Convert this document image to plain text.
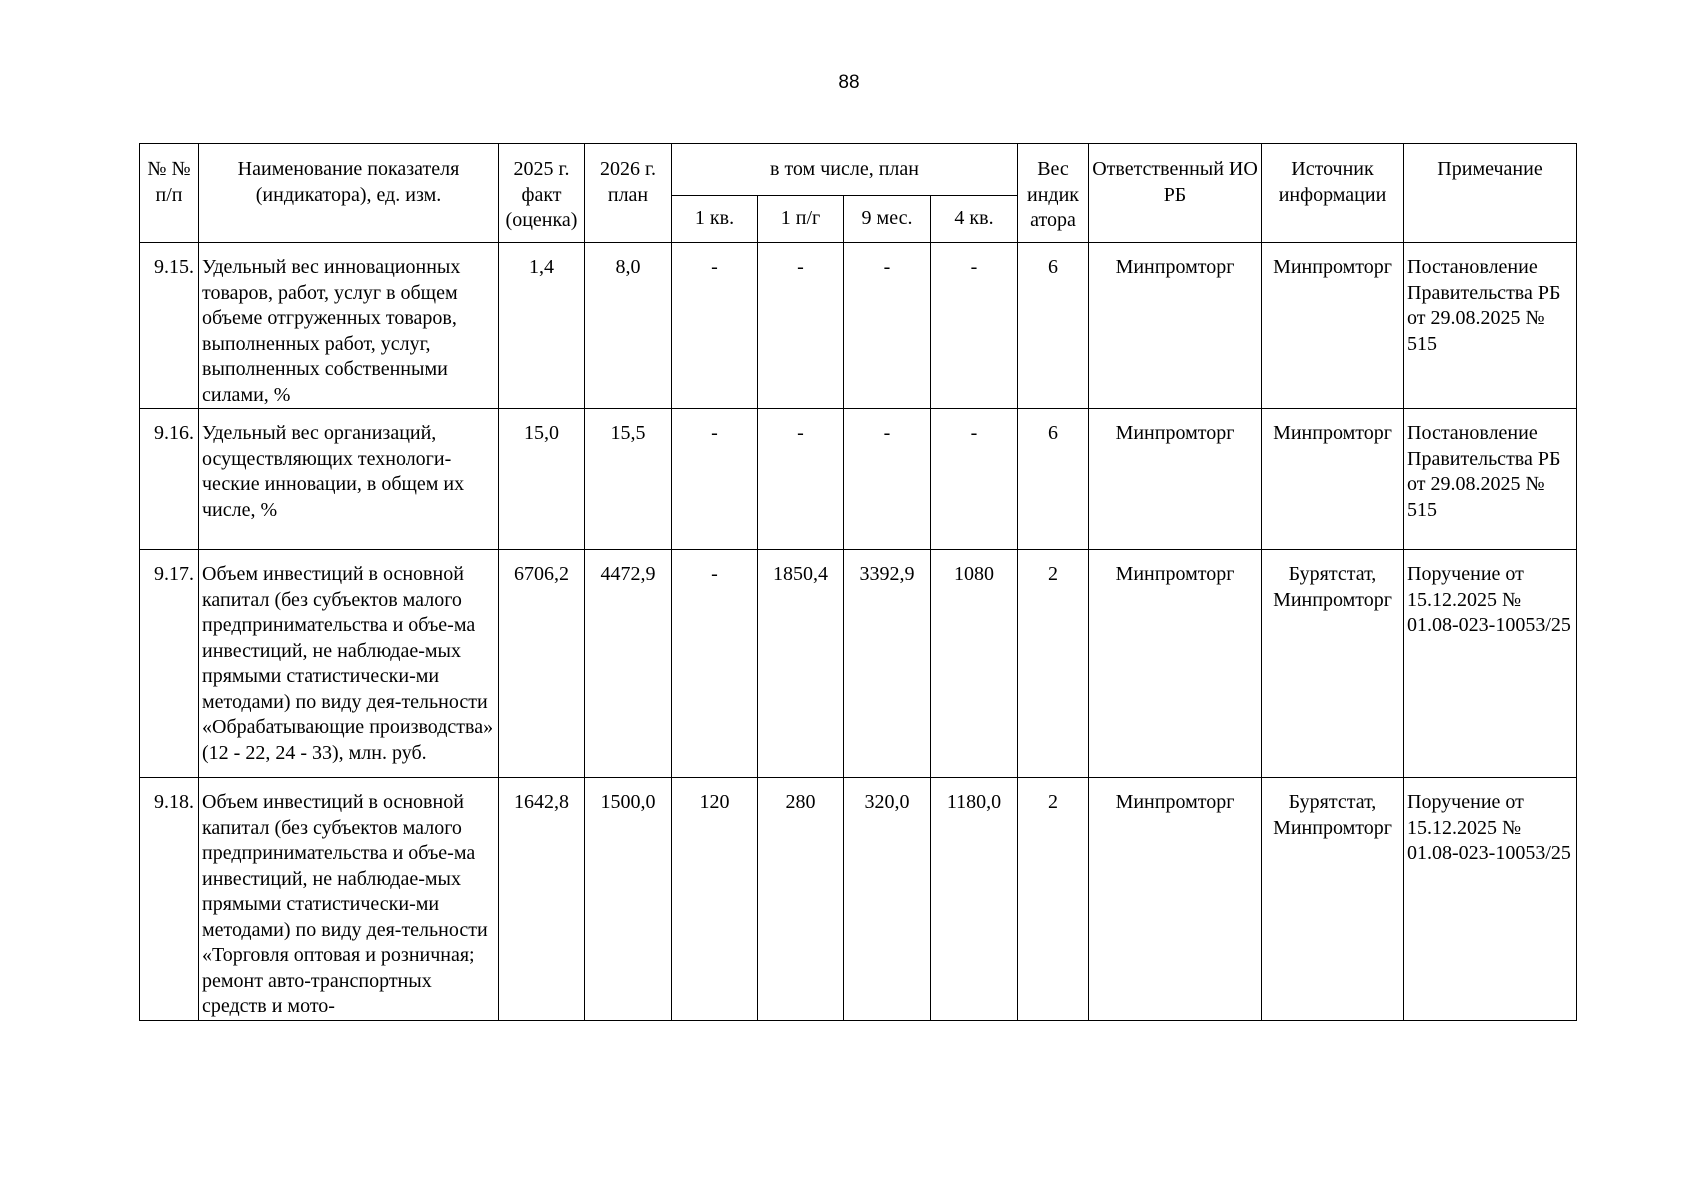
88
№ № п/п	Наименование показателя (индикатора), ед. изм.	2025 г. факт (оценка)	2026 г. план	в том числе, план				Вес индик атора	Ответственный ИО РБ	Источник информации	Примечание
				1 кв.	1 п/г	9 мес.	4 кв.				
9.15.	Удельный вес инновационных товаров, работ, услуг в общем объеме отгруженных товаров, выполненных работ, услуг, выполненных собственными силами, %	1,4	8,0	-	-	-	-	6	Минпромторг	Минпромторг	Постановление Правительства РБ от 29.08.2025 № 515
9.16.	Удельный вес организаций, осуществляющих технологи-ческие инновации, в общем их числе, %	15,0	15,5	-	-	-	-	6	Минпромторг	Минпромторг	Постановление Правительства РБ от 29.08.2025 № 515
9.17.	Объем инвестиций в основной капитал (без субъектов малого предпринимательства и объе-ма инвестиций, не наблюдае-мых прямыми статистически-ми методами) по виду дея-тельности «Обрабатывающие производства» (12 - 22, 24 - 33), млн. руб.	6706,2	4472,9	-	1850,4	3392,9	1080	2	Минпромторг	Бурятстат, Минпромторг	Поручение от 15.12.2025 № 01.08-023-10053/25
9.18.	Объем инвестиций в основной капитал (без субъектов малого предпринимательства и объе-ма инвестиций, не наблюдае-мых прямыми статистически-ми методами) по виду дея-тельности «Торговля оптовая и розничная; ремонт авто-транспортных средств и мото-	1642,8	1500,0	120	280	320,0	1180,0	2	Минпромторг	Бурятстат, Минпромторг	Поручение от 15.12.2025 № 01.08-023-10053/25
